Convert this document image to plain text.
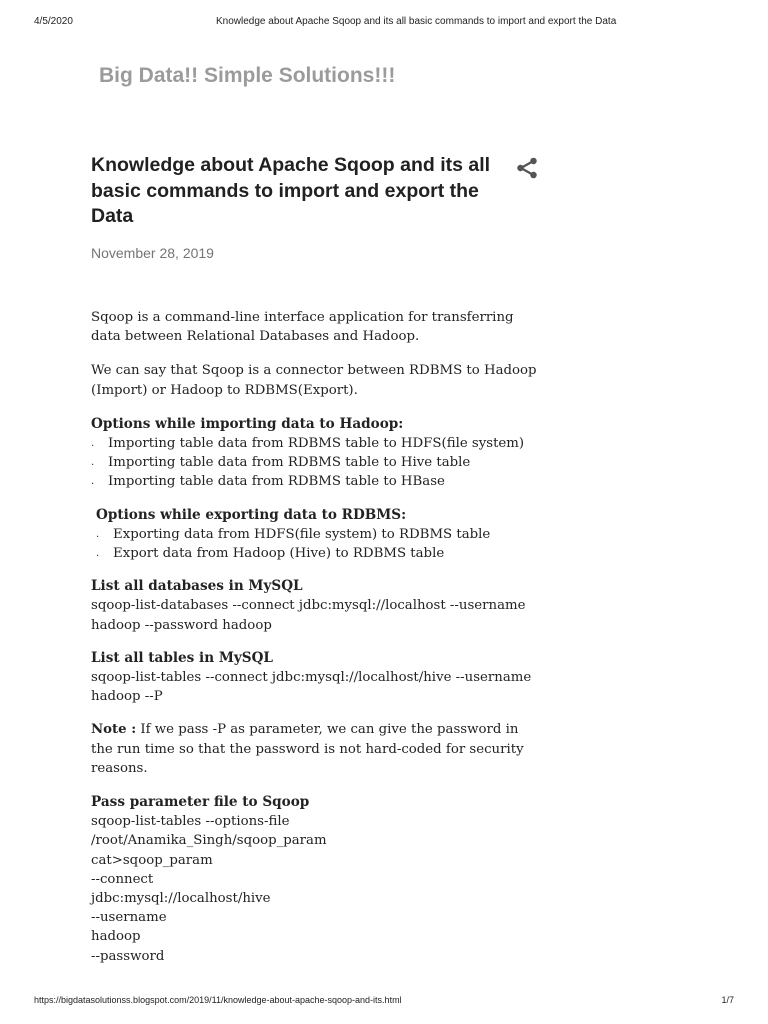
4/5/2020	Knowledge about Apache Sqoop and its all basic commands to import and export the Data
Big Data!! Simple Solutions!!!
Knowledge about Apache Sqoop and its all basic commands to import and export the Data
November 28, 2019

Sqoop is a command-line interface application for transferring data between Relational Databases and Hadoop.

We can say that Sqoop is a connector between RDBMS to Hadoop (Import) or Hadoop to RDBMS(Export).

Options while importing data to Hadoop:
. Importing table data from RDBMS table to HDFS(file system)
. Importing table data from RDBMS table to Hive table
. Importing table data from RDBMS table to HBase
Options while exporting data to RDBMS:
. Exporting data from HDFS(file system) to RDBMS table
. Export data from Hadoop (Hive) to RDBMS table
List all databases in MySQL
sqoop-list-databases --connect jdbc:mysql://localhost --username hadoop --password hadoop
List all tables in MySQL
sqoop-list-tables --connect jdbc:mysql://localhost/hive --username hadoop --P

Note : If we pass -P as parameter, we can give the password in the run time so that the password is not hard-coded for security reasons.

Pass parameter file to Sqoop
sqoop-list-tables --options-file
/root/Anamika_Singh/sqoop_param
cat>sqoop_param
--connect
jdbc:mysql://localhost/hive
--username
hadoop
--password
https://bigdatasolutionss.blogspot.com/2019/11/knowledge-about-apache-sqoop-and-its.html	1/7
